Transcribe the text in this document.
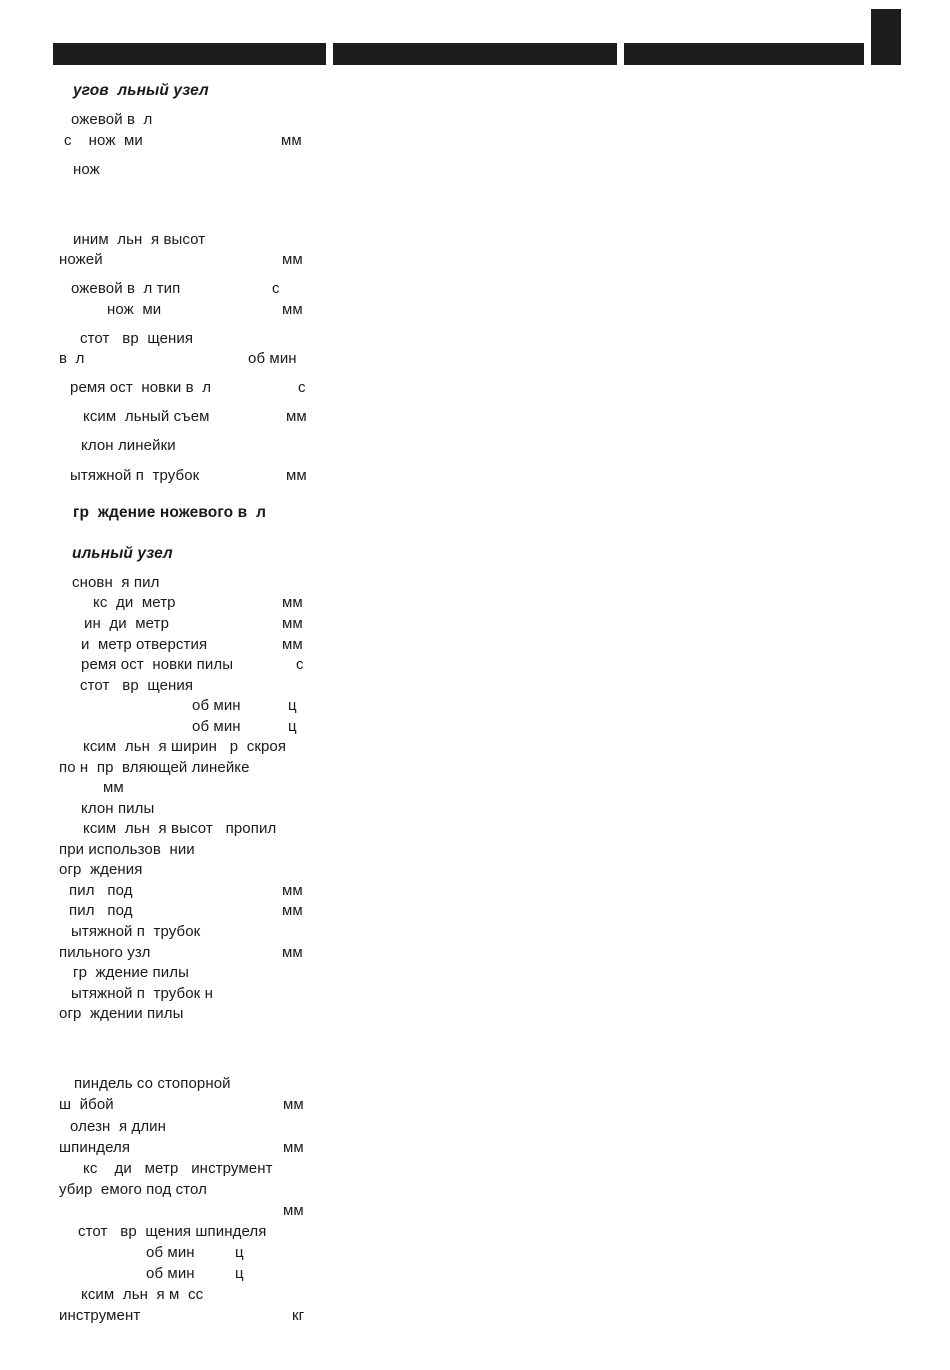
угов  льный узел
ожевой в  л
с    нож  ми	мм
нож
иним  льн  я высот
ножей	мм
ожевой в  л тип	с
нож  ми	мм
стот   вр  щения
в  л	об мин
ремя ост  новки в  л	с
ксим  льный съем	мм
клон линейки
ытяжной п  трубок	мм
гр  ждение ножевого в  л
ильный узел
сновн  я пил
кс  ди  метр	мм
ин  ди  метр	мм
и  метр отверстия	мм
ремя ост  новки пилы	с
стот   вр  щения
об мин	ц
об мин	ц
ксим  льн  я ширин   р  скроя
по н  пр  вляющей линейке
мм
клон пилы
ксим  льн  я высот   пропил
при использов  нии
огр  ждения
пил   под	мм
пил   под	мм
ытяжной п  трубок
пильного узл	мм
гр  ждение пилы
ытяжной п  трубок н
огр  ждении пилы
пиндель со стопорной
ш  йбой	мм
олезн  я длин
шпинделя	мм
кс    ди   метр   инструмент
убир  емого под стол
мм
стот   вр  щения шпинделя
об мин	ц
об мин	ц
ксим  льн  я м  сс
инструмент	кг
